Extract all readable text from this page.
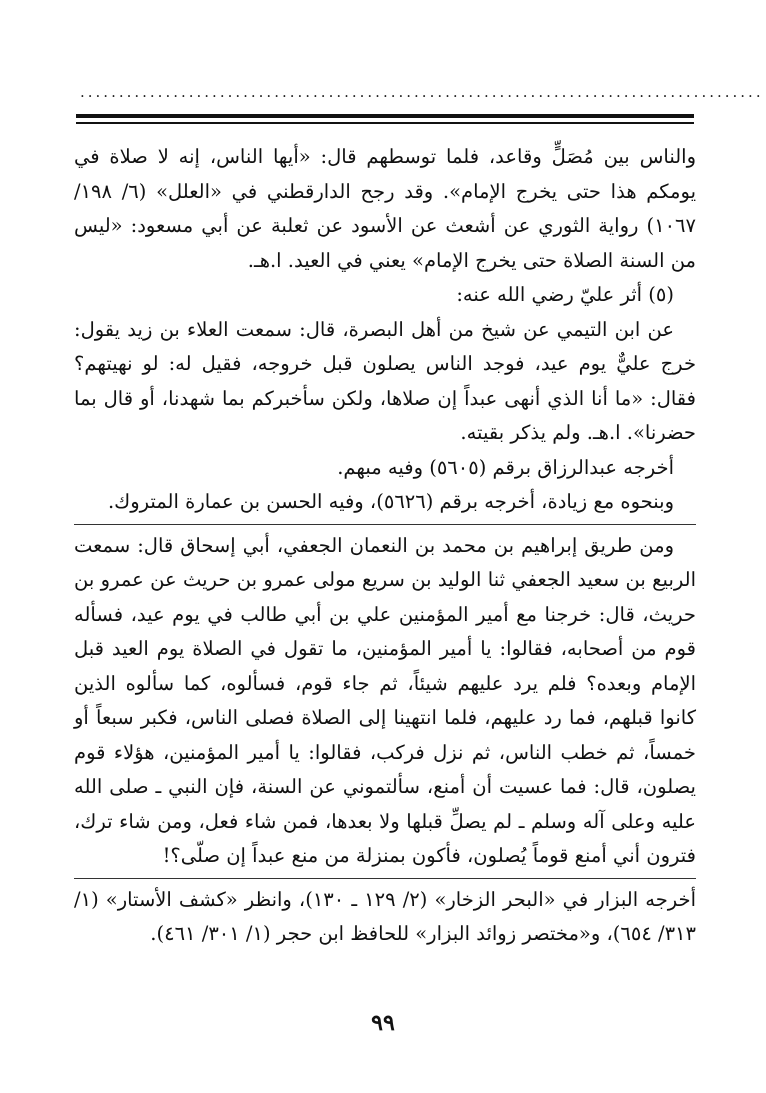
........................................................................................

والناس بين مُصَلٍّ وقاعد، فلما توسطهم قال: «أيها الناس، إنه لا صلاة في يومكم هذا حتى يخرج الإمام». وقد رجح الدارقطني في «العلل» (٦/ ١٩٨/ ١٠٦٧) رواية الثوري عن أشعث عن الأسود عن ثعلبة عن أبي مسعود: «ليس من السنة الصلاة حتى يخرج الإمام» يعني في العيد. ا.هـ.

(٥) أثر عليّ رضي الله عنه:

عن ابن التيمي عن شيخ من أهل البصرة، قال: سمعت العلاء بن زيد يقول: خرج عليٌّ يوم عيد، فوجد الناس يصلون قبل خروجه، فقيل له: لو نهيتهم؟ فقال: «ما أنا الذي أنهى عبداً إن صلاها، ولكن سأخبركم بما شهدنا، أو قال بما حضرنا». ا.هـ. ولم يذكر بقيته.

أخرجه عبدالرزاق برقم (٥٦٠٥) وفيه مبهم.

وبنحوه مع زيادة، أخرجه برقم (٥٦٢٦)، وفيه الحسن بن عمارة المتروك.

ومن طريق إبراهيم بن محمد بن النعمان الجعفي، أبي إسحاق قال: سمعت الربيع بن سعيد الجعفي ثنا الوليد بن سريع مولى عمرو بن حريث عن عمرو بن حريث، قال: خرجنا مع أمير المؤمنين علي بن أبي طالب في يوم عيد، فسأله قوم من أصحابه، فقالوا: يا أمير المؤمنين، ما تقول في الصلاة يوم العيد قبل الإمام وبعده؟ فلم يرد عليهم شيئاً، ثم جاء قوم، فسألوه، كما سألوه الذين كانوا قبلهم، فما رد عليهم، فلما انتهينا إلى الصلاة فصلى الناس، فكبر سبعاً أو خمساً، ثم خطب الناس، ثم نزل فركب، فقالوا: يا أمير المؤمنين، هؤلاء قوم يصلون، قال: فما عسيت أن أمنع، سألتموني عن السنة، فإن النبي ـ صلى الله عليه وعلى آله وسلم ـ لم يصلِّ قبلها ولا بعدها، فمن شاء فعل، ومن شاء ترك، فترون أني أمنع قوماً يُصلون، فأكون بمنزلة من منع عبداً إن صلّى؟!

أخرجه البزار في «البحر الزخار» (٢/ ١٢٩ ـ ١٣٠)، وانظر «كشف الأستار» (١/ ٣١٣/ ٦٥٤)، و«مختصر زوائد البزار» للحافظ ابن حجر (١/ ٣٠١/ ٤٦١).

٩٩
